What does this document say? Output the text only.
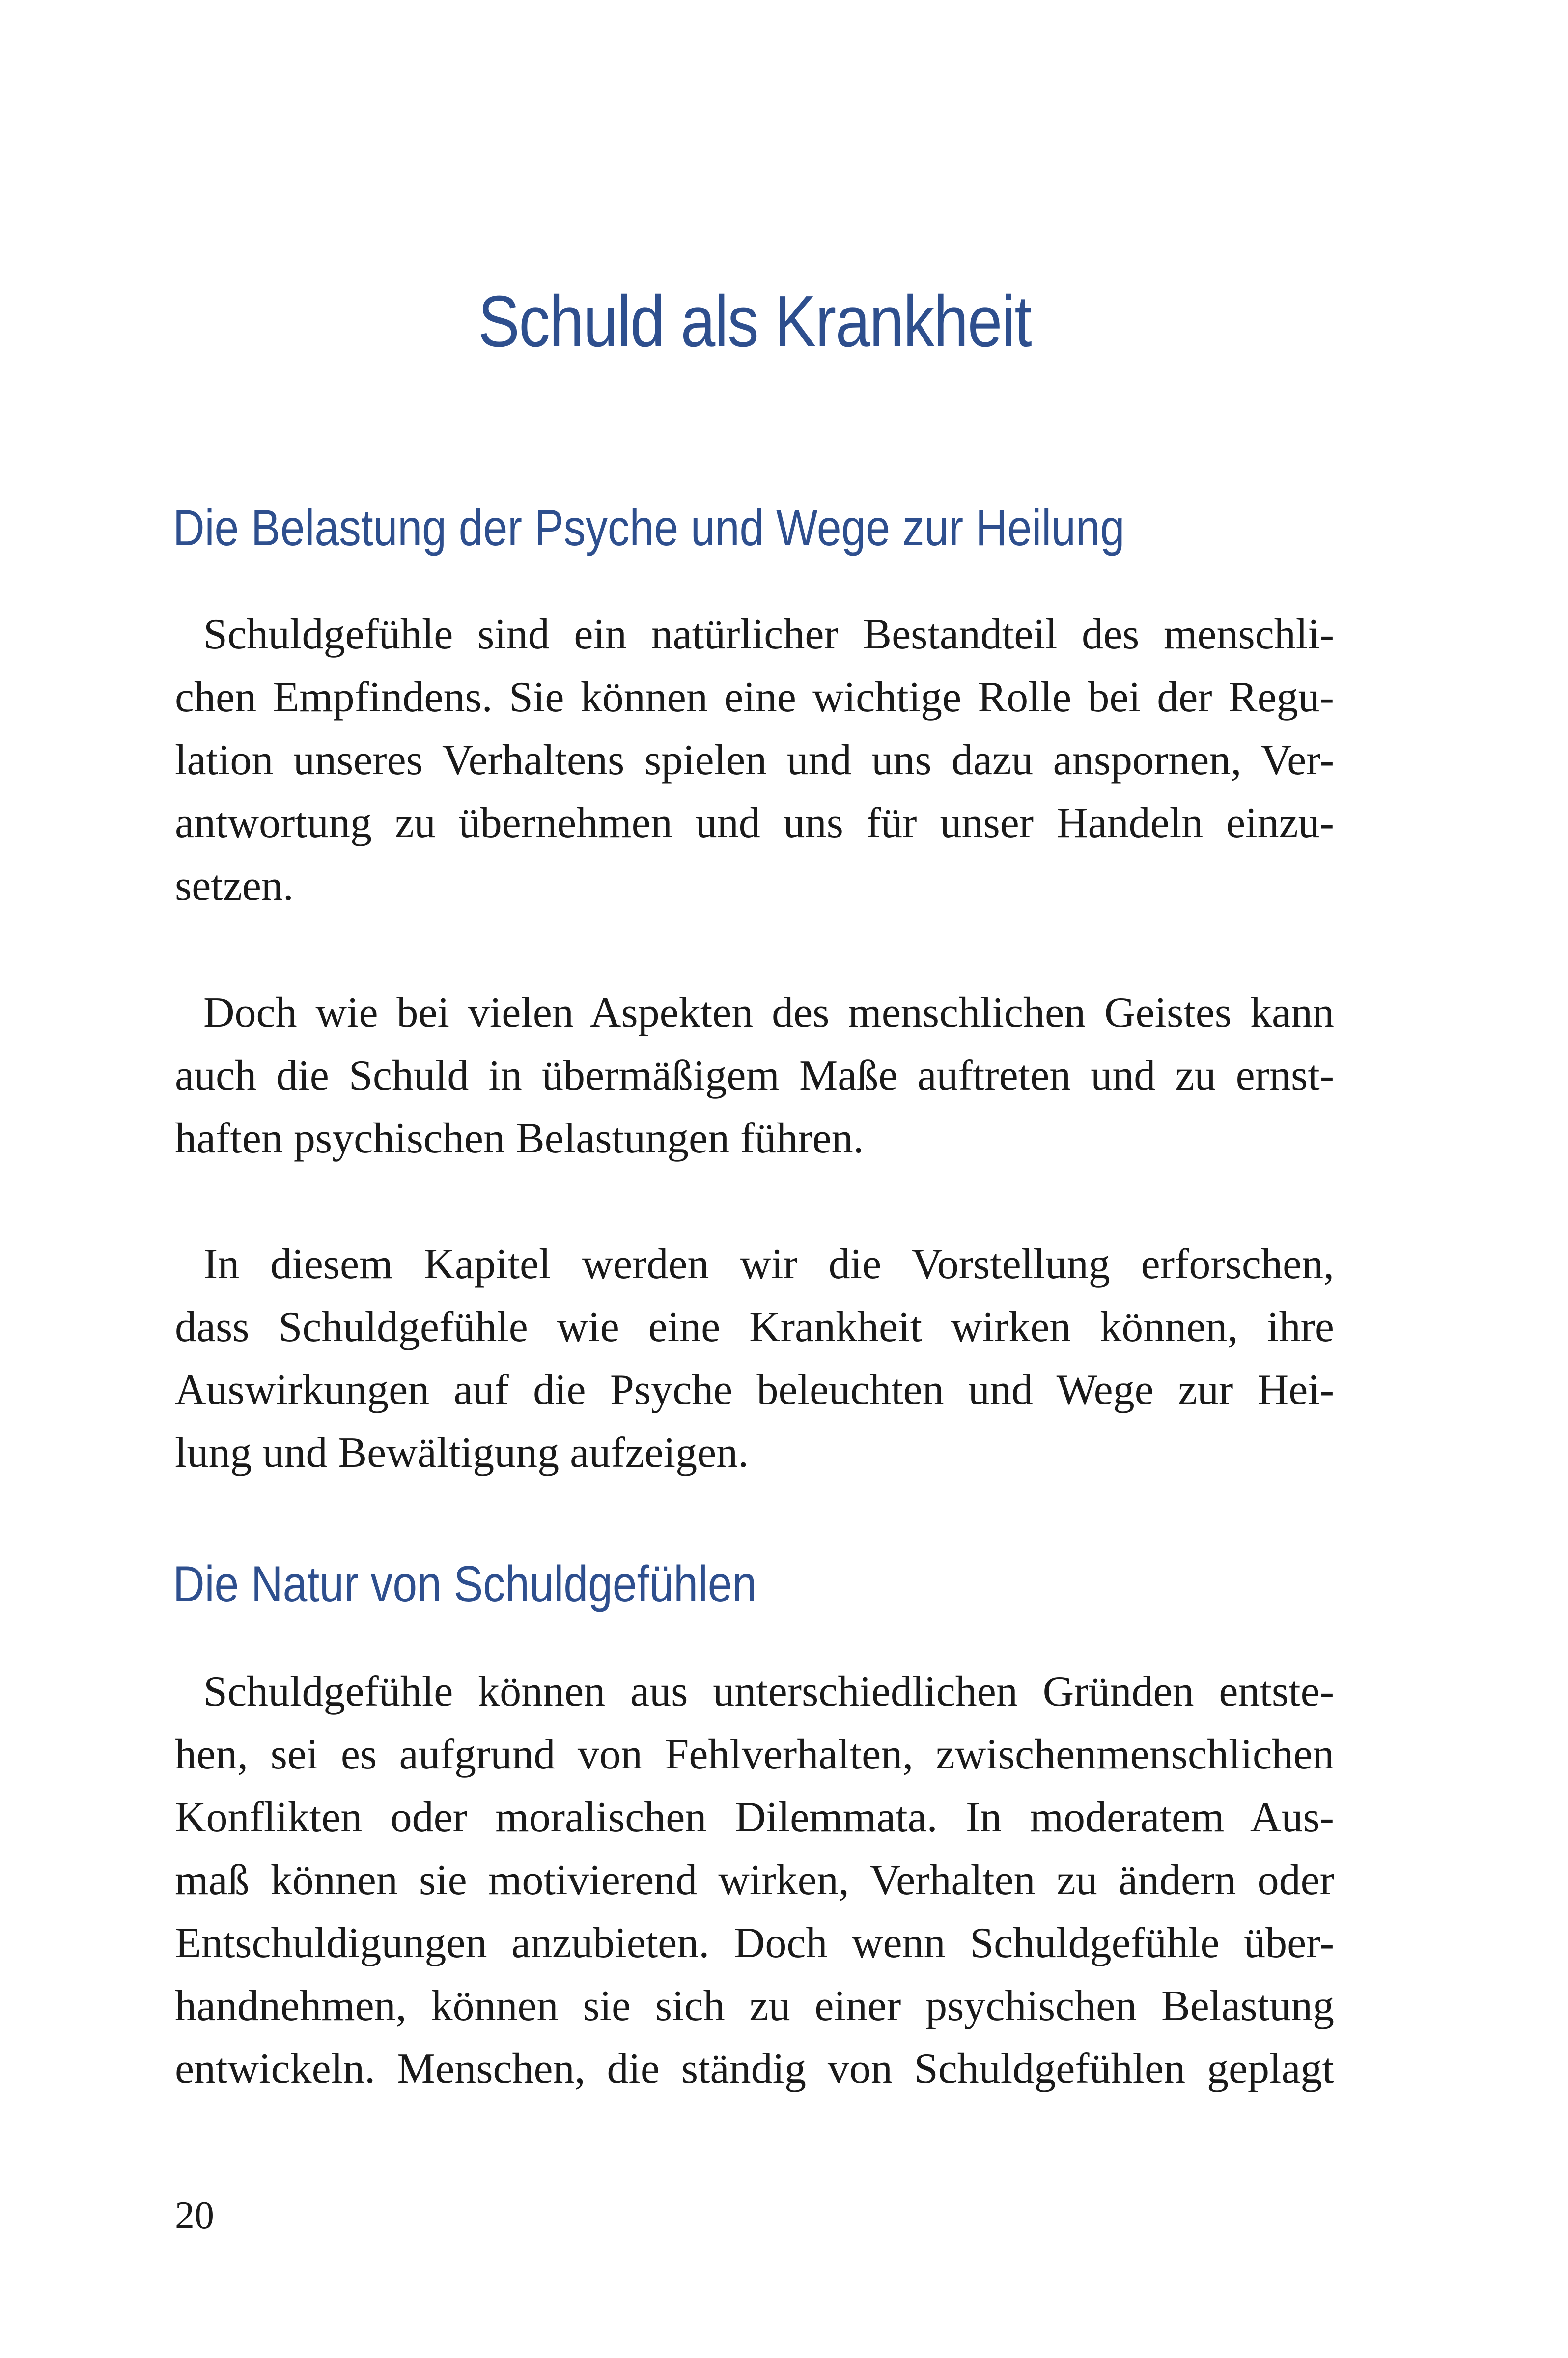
Schuld als Krankheit
Die Belastung der Psyche und Wege zur Heilung

Schuldgefühle sind ein natürlicher Bestandteil des menschli-
chen Empfindens. Sie können eine wichtige Rolle bei der Regu-
lation unseres Verhaltens spielen und uns dazu anspornen, Ver-
antwortung zu übernehmen und uns für unser Handeln einzu-
setzen.

Doch wie bei vielen Aspekten des menschlichen Geistes kann
auch die Schuld in übermäßigem Maße auftreten und zu ernst-
haften psychischen Belastungen führen.

In diesem Kapitel werden wir die Vorstellung erforschen,
dass Schuldgefühle wie eine Krankheit wirken können, ihre
Auswirkungen auf die Psyche beleuchten und Wege zur Hei-
lung und Bewältigung aufzeigen.

Die Natur von Schuldgefühlen

Schuldgefühle können aus unterschiedlichen Gründen entste-
hen, sei es aufgrund von Fehlverhalten, zwischenmenschlichen
Konflikten oder moralischen Dilemmata. In moderatem Aus-
maß können sie motivierend wirken, Verhalten zu ändern oder
Entschuldigungen anzubieten. Doch wenn Schuldgefühle über-
handnehmen, können sie sich zu einer psychischen Belastung
entwickeln. Menschen, die ständig von Schuldgefühlen geplagt

20
